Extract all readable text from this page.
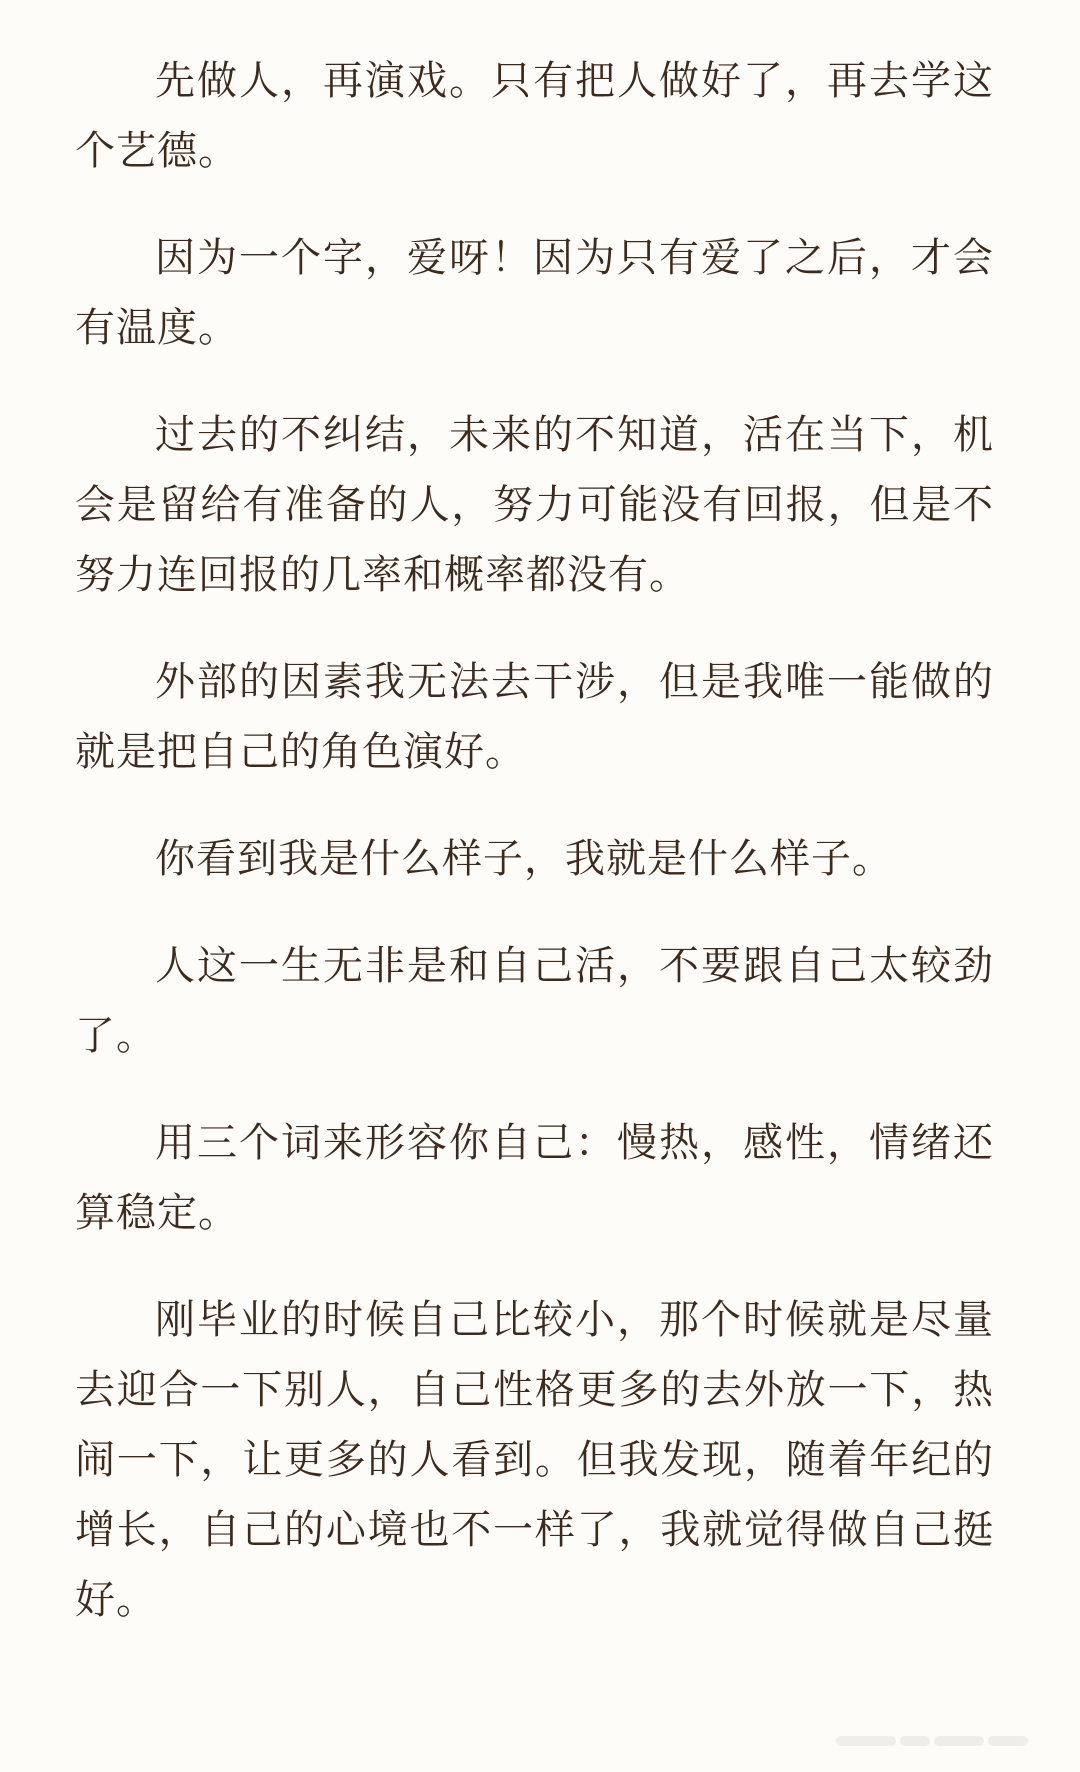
先做人，再演戏。只有把人做好了，再去学这个艺德。

因为一个字，爱呀！因为只有爱了之后，才会有温度。

过去的不纠结，未来的不知道，活在当下，机会是留给有准备的人，努力可能没有回报，但是不努力连回报的几率和概率都没有。

外部的因素我无法去干涉，但是我唯一能做的就是把自己的角色演好。

你看到我是什么样子，我就是什么样子。

人这一生无非是和自己活，不要跟自己太较劲了。

用三个词来形容你自己：慢热，感性，情绪还算稳定。

刚毕业的时候自己比较小，那个时候就是尽量去迎合一下别人，自己性格更多的去外放一下，热闹一下，让更多的人看到。但我发现，随着年纪的增长，自己的心境也不一样了，我就觉得做自己挺好。
